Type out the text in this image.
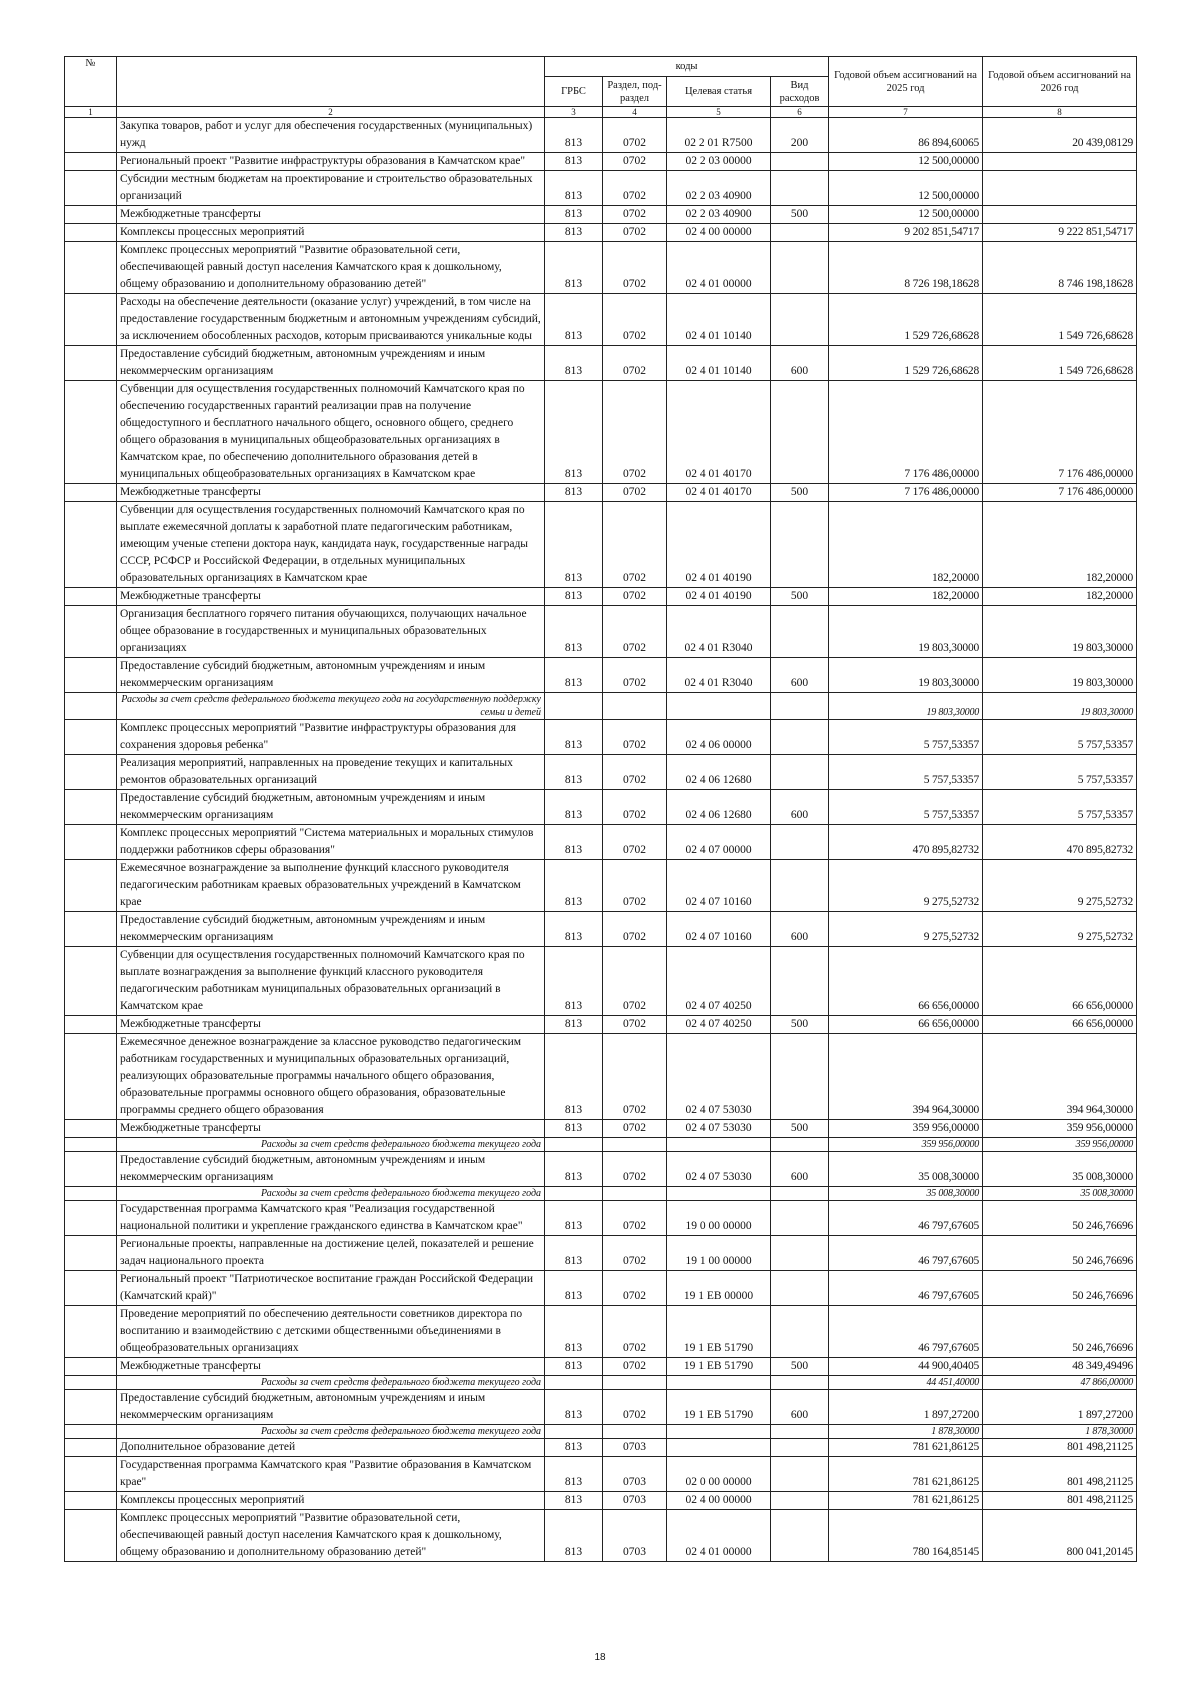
№		коды				Годовой объем ассигнований на 2025 год	Годовой объем ассигнований на 2026 год
		ГРБС	Раздел, под-раздел	Целевая статья	Вид расходов		
1	2	3	4	5	6	7	8
	Закупка товаров, работ и услуг для обеспечения государственных (муниципальных) нужд	813	0702	02 2 01 R7500	200	86 894,60065	20 439,08129
	Региональный проект "Развитие инфраструктуры образования в Камчатском крае"	813	0702	02 2 03 00000		12 500,00000	
	Субсидии местным бюджетам на проектирование и строительство образовательных организаций	813	0702	02 2 03 40900		12 500,00000	
	Межбюджетные трансферты	813	0702	02 2 03 40900	500	12 500,00000	
	Комплексы процессных мероприятий	813	0702	02 4 00 00000		9 202 851,54717	9 222 851,54717
	Комплекс процессных мероприятий "Развитие образовательной сети, обеспечивающей равный доступ населения Камчатского края к дошкольному, общему образованию и дополнительному образованию детей"	813	0702	02 4 01 00000		8 726 198,18628	8 746 198,18628
	Расходы на обеспечение деятельности (оказание услуг) учреждений, в том числе на предоставление государственным бюджетным и автономным учреждениям субсидий, за исключением обособленных расходов, которым присваиваются уникальные коды	813	0702	02 4 01 10140		1 529 726,68628	1 549 726,68628
	Предоставление субсидий бюджетным, автономным учреждениям и иным некоммерческим организациям	813	0702	02 4 01 10140	600	1 529 726,68628	1 549 726,68628
	Субвенции для осуществления государственных полномочий Камчатского края по обеспечению государственных гарантий реализации прав на получение общедоступного и бесплатного начального общего, основного общего, среднего общего образования в муниципальных общеобразовательных организациях в Камчатском крае, по обеспечению дополнительного образования детей в муниципальных общеобразовательных организациях в Камчатском крае	813	0702	02 4 01 40170		7 176 486,00000	7 176 486,00000
	Межбюджетные трансферты	813	0702	02 4 01 40170	500	7 176 486,00000	7 176 486,00000
	Субвенции для осуществления государственных полномочий Камчатского края по выплате ежемесячной доплаты к заработной плате педагогическим работникам, имеющим ученые степени доктора наук, кандидата наук, государственные награды СССР, РСФСР и Российской Федерации, в отдельных муниципальных образовательных организациях в Камчатском крае	813	0702	02 4 01 40190		182,20000	182,20000
	Межбюджетные трансферты	813	0702	02 4 01 40190	500	182,20000	182,20000
	Организация бесплатного горячего питания обучающихся, получающих начальное общее образование в государственных и муниципальных образовательных организациях	813	0702	02 4 01 R3040		19 803,30000	19 803,30000
	Предоставление субсидий бюджетным, автономным учреждениям и иным некоммерческим организациям	813	0702	02 4 01 R3040	600	19 803,30000	19 803,30000
	Расходы за счет средств федерального бюджета текущего года на государственную поддержку семьи и детей					19 803,30000	19 803,30000
	Комплекс процессных мероприятий "Развитие инфраструктуры образования для сохранения здоровья ребенка"	813	0702	02 4 06 00000		5 757,53357	5 757,53357
	Реализация мероприятий, направленных на проведение текущих и капитальных ремонтов образовательных организаций	813	0702	02 4 06 12680		5 757,53357	5 757,53357
	Предоставление субсидий бюджетным, автономным учреждениям и иным некоммерческим организациям	813	0702	02 4 06 12680	600	5 757,53357	5 757,53357
	Комплекс процессных мероприятий "Система материальных и моральных стимулов поддержки работников сферы образования"	813	0702	02 4 07 00000		470 895,82732	470 895,82732
	Ежемесячное вознаграждение за выполнение функций классного руководителя педагогическим работникам краевых образовательных учреждений в Камчатском крае	813	0702	02 4 07 10160		9 275,52732	9 275,52732
	Предоставление субсидий бюджетным, автономным учреждениям и иным некоммерческим организациям	813	0702	02 4 07 10160	600	9 275,52732	9 275,52732
	Субвенции для осуществления государственных полномочий Камчатского края по выплате вознаграждения за выполнение функций классного руководителя педагогическим работникам муниципальных образовательных организаций в Камчатском крае	813	0702	02 4 07 40250		66 656,00000	66 656,00000
	Межбюджетные трансферты	813	0702	02 4 07 40250	500	66 656,00000	66 656,00000
	Ежемесячное денежное вознаграждение за классное руководство педагогическим работникам государственных и муниципальных образовательных организаций, реализующих образовательные программы начального общего образования, образовательные программы основного общего образования, образовательные программы среднего общего образования	813	0702	02 4 07 53030		394 964,30000	394 964,30000
	Межбюджетные трансферты	813	0702	02 4 07 53030	500	359 956,00000	359 956,00000
	Расходы за счет средств федерального бюджета текущего года					359 956,00000	359 956,00000
	Предоставление субсидий бюджетным, автономным учреждениям и иным некоммерческим организациям	813	0702	02 4 07 53030	600	35 008,30000	35 008,30000
	Расходы за счет средств федерального бюджета текущего года					35 008,30000	35 008,30000
	Государственная программа Камчатского края "Реализация государственной национальной политики и укрепление гражданского единства в Камчатском крае"	813	0702	19 0 00 00000		46 797,67605	50 246,76696
	Региональные проекты, направленные на достижение целей, показателей и решение задач национального проекта	813	0702	19 1 00 00000		46 797,67605	50 246,76696
	Региональный проект "Патриотическое воспитание граждан Российской Федерации (Камчатский край)"	813	0702	19 1 EB 00000		46 797,67605	50 246,76696
	Проведение мероприятий по обеспечению деятельности советников директора по воспитанию и взаимодействию с детскими общественными объединениями в общеобразовательных организациях	813	0702	19 1 EB 51790		46 797,67605	50 246,76696
	Межбюджетные трансферты	813	0702	19 1 EB 51790	500	44 900,40405	48 349,49496
	Расходы за счет средств федерального бюджета текущего года					44 451,40000	47 866,00000
	Предоставление субсидий бюджетным, автономным учреждениям и иным некоммерческим организациям	813	0702	19 1 EB 51790	600	1 897,27200	1 897,27200
	Расходы за счет средств федерального бюджета текущего года					1 878,30000	1 878,30000
	Дополнительное образование детей	813	0703			781 621,86125	801 498,21125
	Государственная программа Камчатского края "Развитие образования в Камчатском крае"	813	0703	02 0 00 00000		781 621,86125	801 498,21125
	Комплексы процессных мероприятий	813	0703	02 4 00 00000		781 621,86125	801 498,21125
	Комплекс процессных мероприятий "Развитие образовательной сети, обеспечивающей равный доступ населения Камчатского края к дошкольному, общему образованию и дополнительному образованию детей"	813	0703	02 4 01 00000		780 164,85145	800 041,20145
18
